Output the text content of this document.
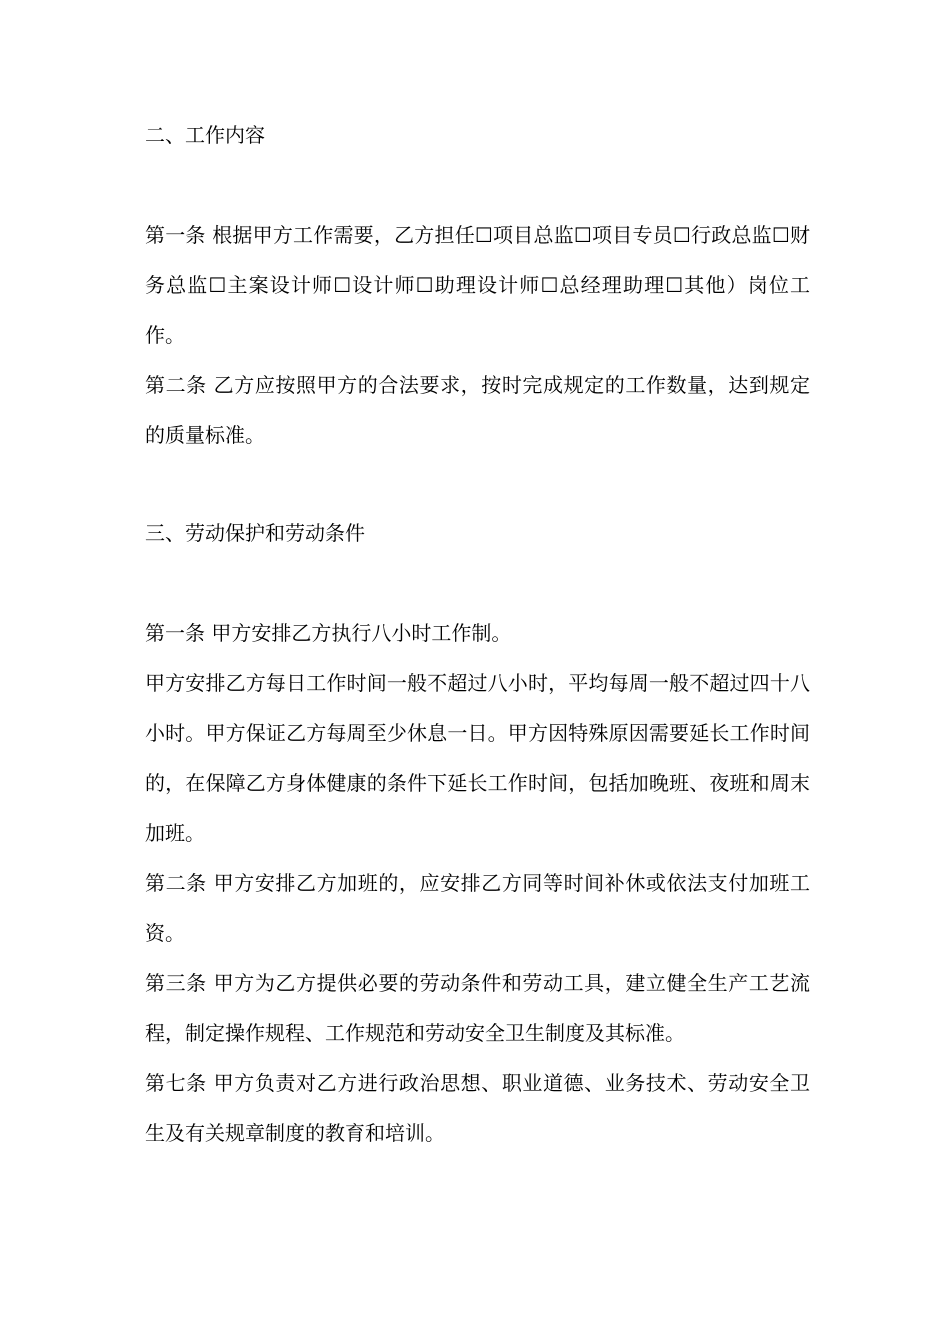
二、工作内容

第一条 根据甲方工作需要，乙方担任☐项目总监☐项目专员☐行政总监☐财务总监☐主案设计师☐设计师☐助理设计师☐总经理助理☐其他）岗位工作。

第二条 乙方应按照甲方的合法要求，按时完成规定的工作数量，达到规定的质量标准。

三、劳动保护和劳动条件

第一条 甲方安排乙方执行八小时工作制。

甲方安排乙方每日工作时间一般不超过八小时，平均每周一般不超过四十八小时。甲方保证乙方每周至少休息一日。甲方因特殊原因需要延长工作时间的，在保障乙方身体健康的条件下延长工作时间，包括加晚班、夜班和周末加班。

第二条 甲方安排乙方加班的，应安排乙方同等时间补休或依法支付加班工资。

第三条 甲方为乙方提供必要的劳动条件和劳动工具，建立健全生产工艺流程，制定操作规程、工作规范和劳动安全卫生制度及其标准。

第七条 甲方负责对乙方进行政治思想、职业道德、业务技术、劳动安全卫生及有关规章制度的教育和培训。
